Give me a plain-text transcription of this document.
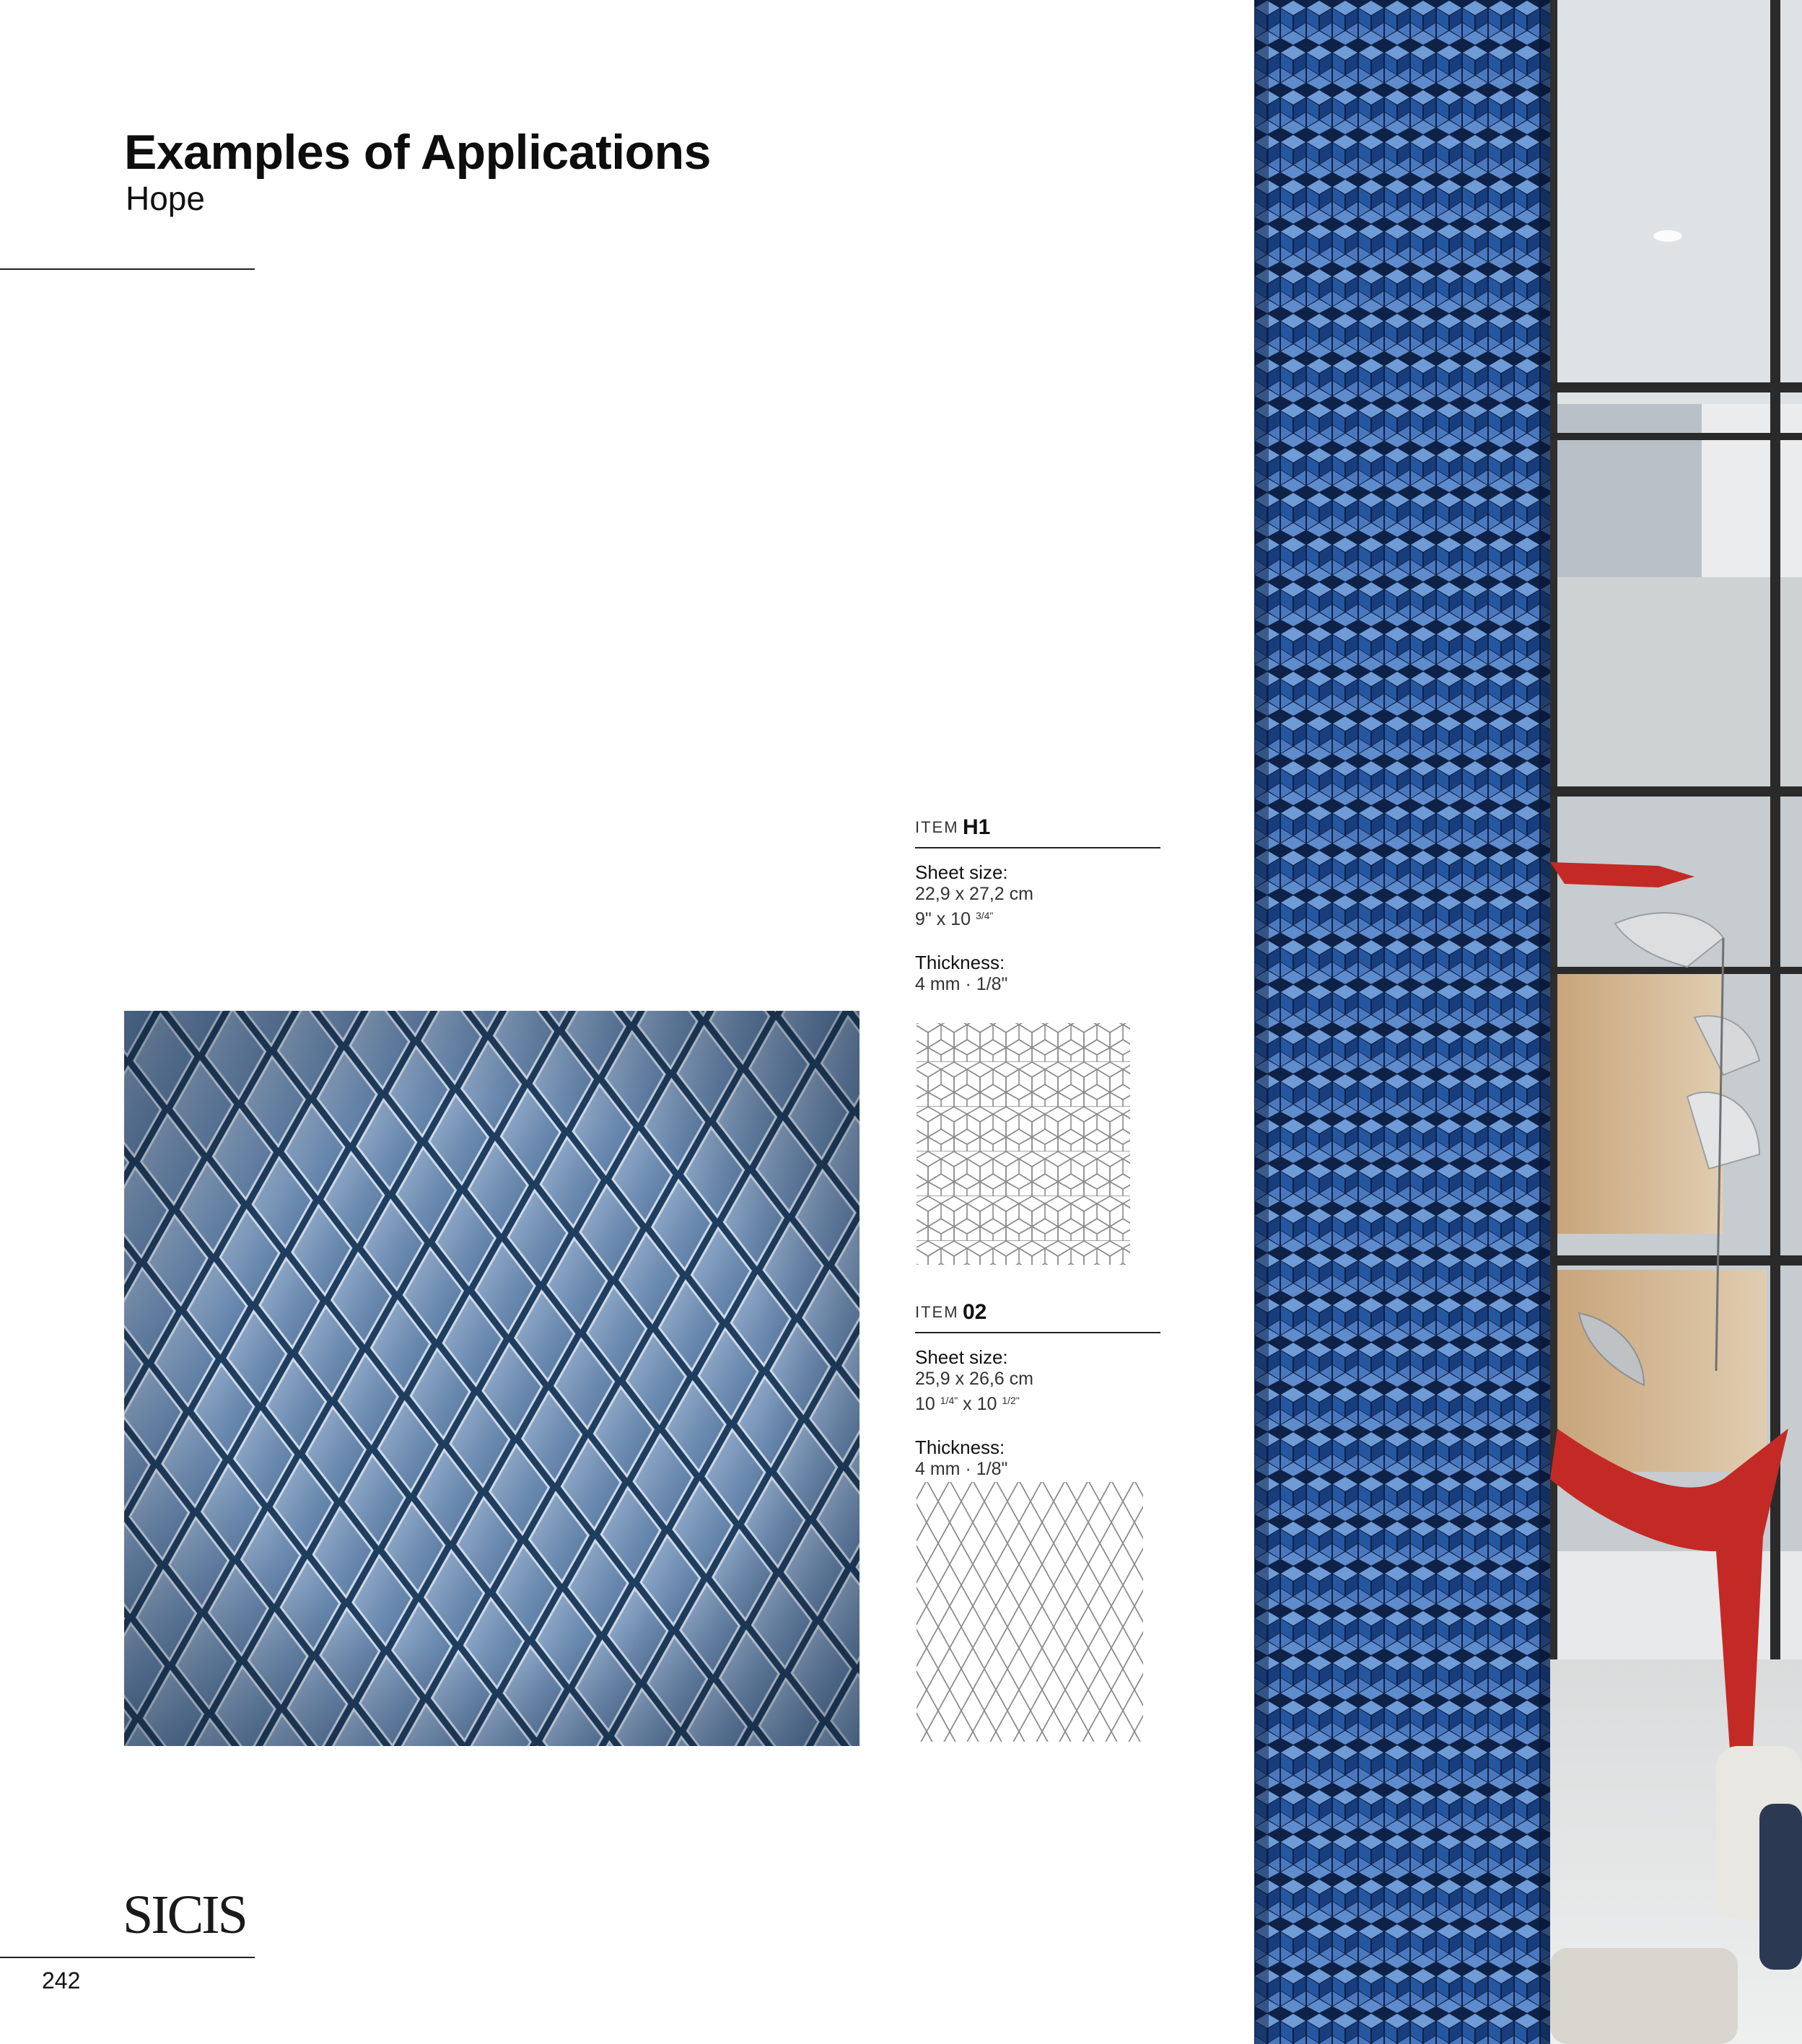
Examples of Applications
Hope
ITEM H1
Sheet size:
22,9 x 27,2 cm
9" x 10 $^{3/4"}$
Thickness:
4 mm · 1/8"
ITEM 02
Sheet size:
25,9 x 26,6 cm
10 $^{1/4"}$ x 10 $^{1/2"}$
Thickness:
4 mm · 1/8"
SICIS
242
